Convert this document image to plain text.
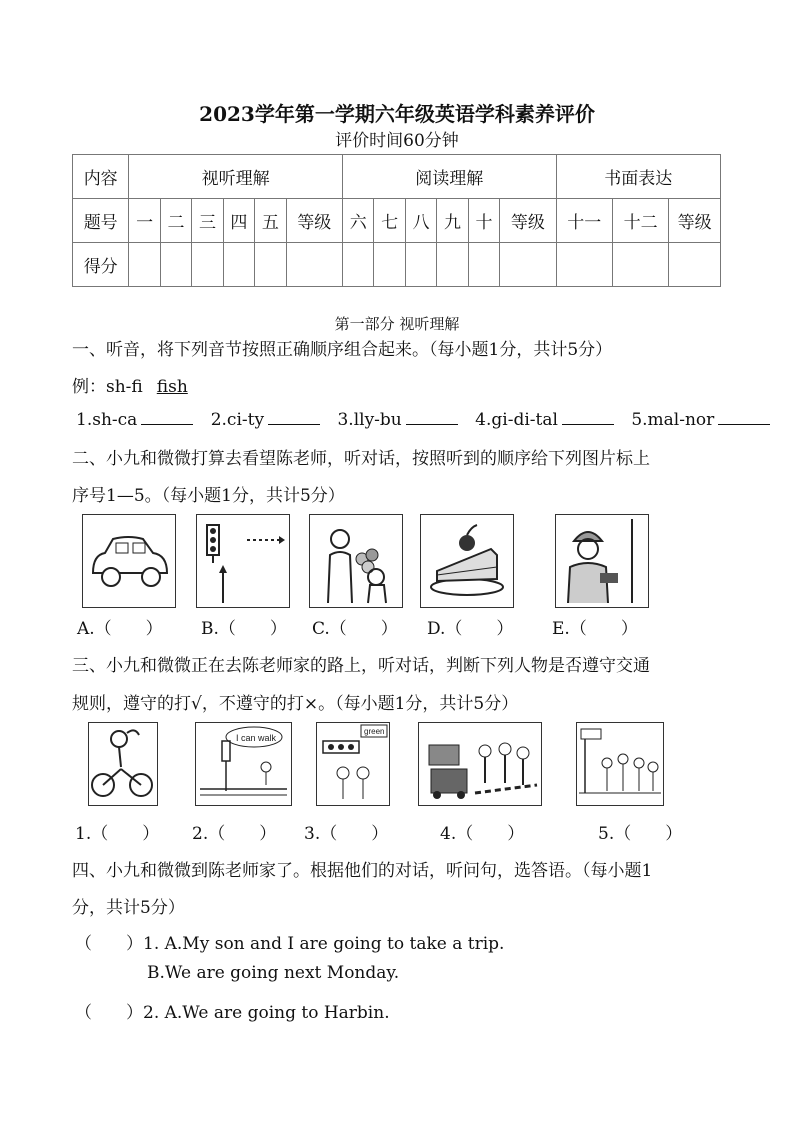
2023学年第一学期六年级英语学科素养评价
评价时间60分钟
内容	视听理解						阅读理解						书面表达		
题号	一	二	三	四	五	等级	六	七	八	九	十	等级	十一	十二	等级
得分															
第一部分 视听理解
一、听音，将下列音节按照正确顺序组合起来。（每小题1分，共计5分）
例：sh-fi fish
1.sh-ca	2.ci-ty	3.lly-bu	4.gi-di-tal	5.mal-nor
二、小九和微微打算去看望陈老师，听对话，按照听到的顺序给下列图片标上
序号1—5。（每小题1分，共计5分）
A.（　　） B.（　　） C.（　　） D.（　　） E.（　　）
三、小九和微微正在去陈老师家的路上，听对话，判断下列人物是否遵守交通
规则，遵守的打√，不遵守的打×。（每小题1分，共计5分）
I can walk
green
1.（　　） 2.（　　） 3.（　　）	4.（　　）	5.（　　）
四、小九和微微到陈老师家了。根据他们的对话，听问句，选答语。（每小题1
分，共计5分）
（　　）1. A.My son and I are going to take a trip.
B.We are going next Monday.
（　　）2. A.We are going to Harbin.
